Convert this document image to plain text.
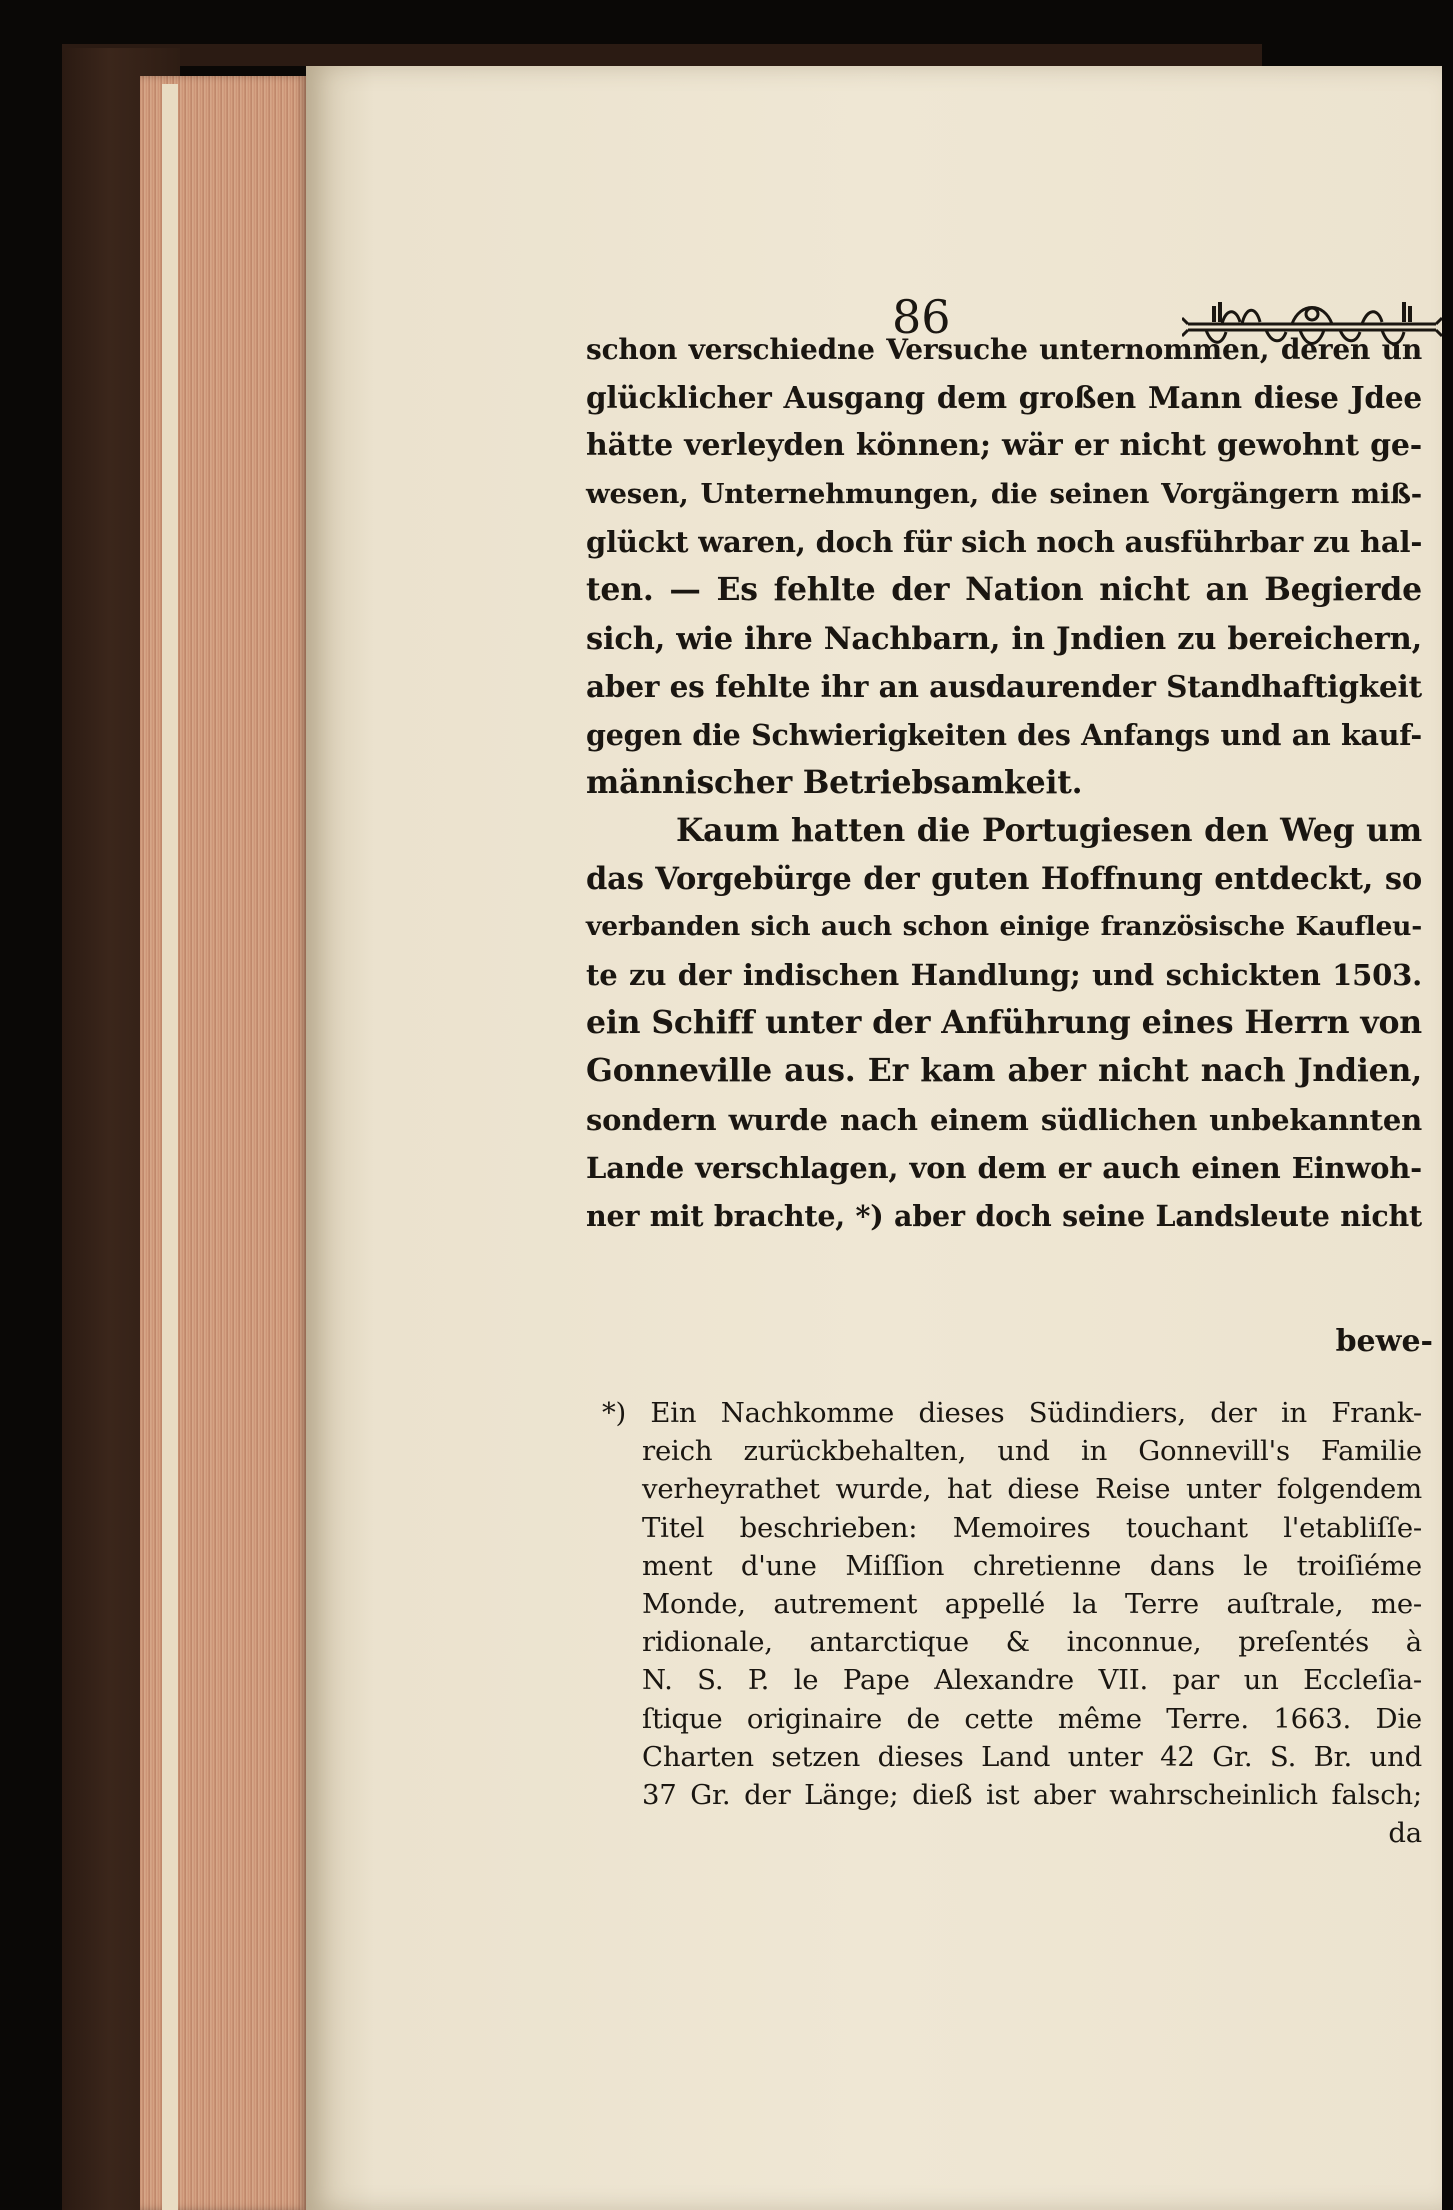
86
schon verschiedne Versuche unternommen, deren un
glücklicher Ausgang dem großen Mann diese Jdee
hätte verleyden können; wär er nicht gewohnt ge-
wesen, Unternehmungen, die seinen Vorgängern miß-
glückt waren, doch für sich noch ausführbar zu hal-
ten. — Es fehlte der Nation nicht an Begierde
sich, wie ihre Nachbarn, in Jndien zu bereichern,
aber es fehlte ihr an ausdaurender Standhaftigkeit
gegen die Schwierigkeiten des Anfangs und an kauf-
männischer Betriebsamkeit.
Kaum hatten die Portugiesen den Weg um
das Vorgebürge der guten Hoffnung entdeckt, so
verbanden sich auch schon einige französische Kaufleu-
te zu der indischen Handlung; und schickten 1503.
ein Schiff unter der Anführung eines Herrn von
Gonneville aus. Er kam aber nicht nach Jndien,
sondern wurde nach einem südlichen unbekannten
Lande verschlagen, von dem er auch einen Einwoh-
ner mit brachte, *) aber doch seine Landsleute nicht
bewe-
*) Ein Nachkomme dieses Südindiers, der in Frank-
reich zurückbehalten, und in Gonnevill's Familie
verheyrathet wurde, hat diese Reise unter folgendem
Titel beschrieben: Memoires touchant l'etabliſſe-
ment d'une Miſſion chretienne dans le troiſiéme
Monde, autrement appellé la Terre auſtrale, me-
ridionale, antarctique & inconnue, preſentés à
N. S. P. le Pape Alexandre VII. par un Eccleſia-
ſtique originaire de cette même Terre. 1663. Die
Charten setzen dieses Land unter 42 Gr. S. Br. und
37 Gr. der Länge; dieß ist aber wahrscheinlich falsch;
da
